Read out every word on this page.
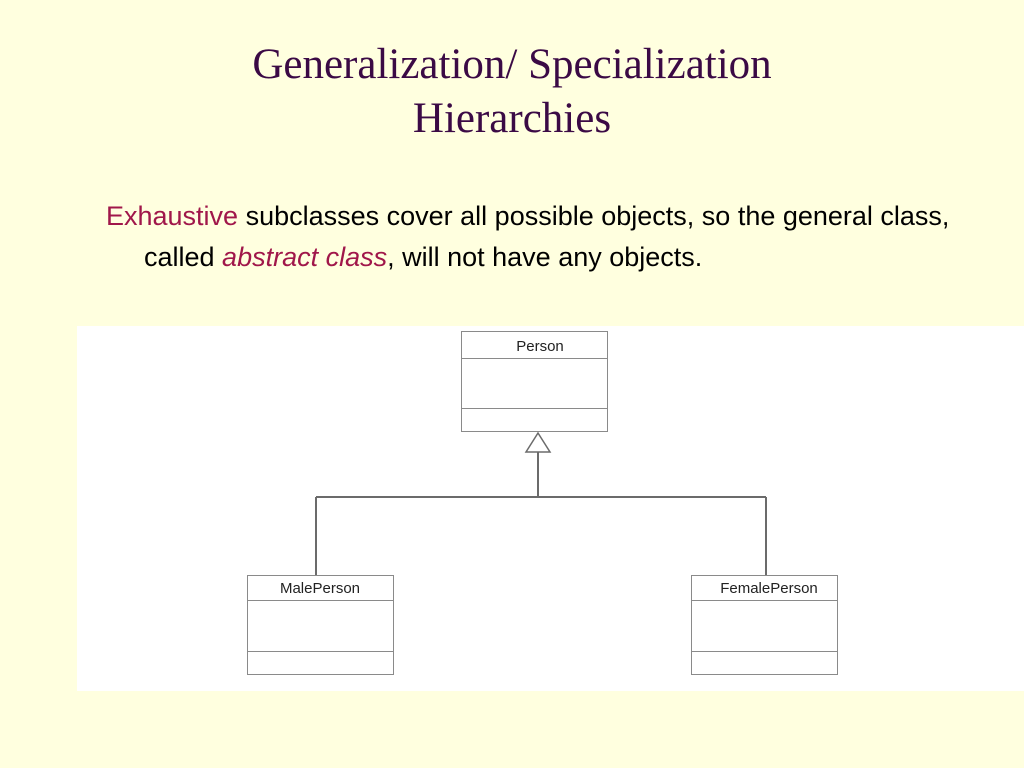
Generalization/ Specialization
Hierarchies

Exhaustive subclasses cover all possible objects, so the general class, called abstract class, will not have any objects.

Person
MalePerson	FemalePerson
